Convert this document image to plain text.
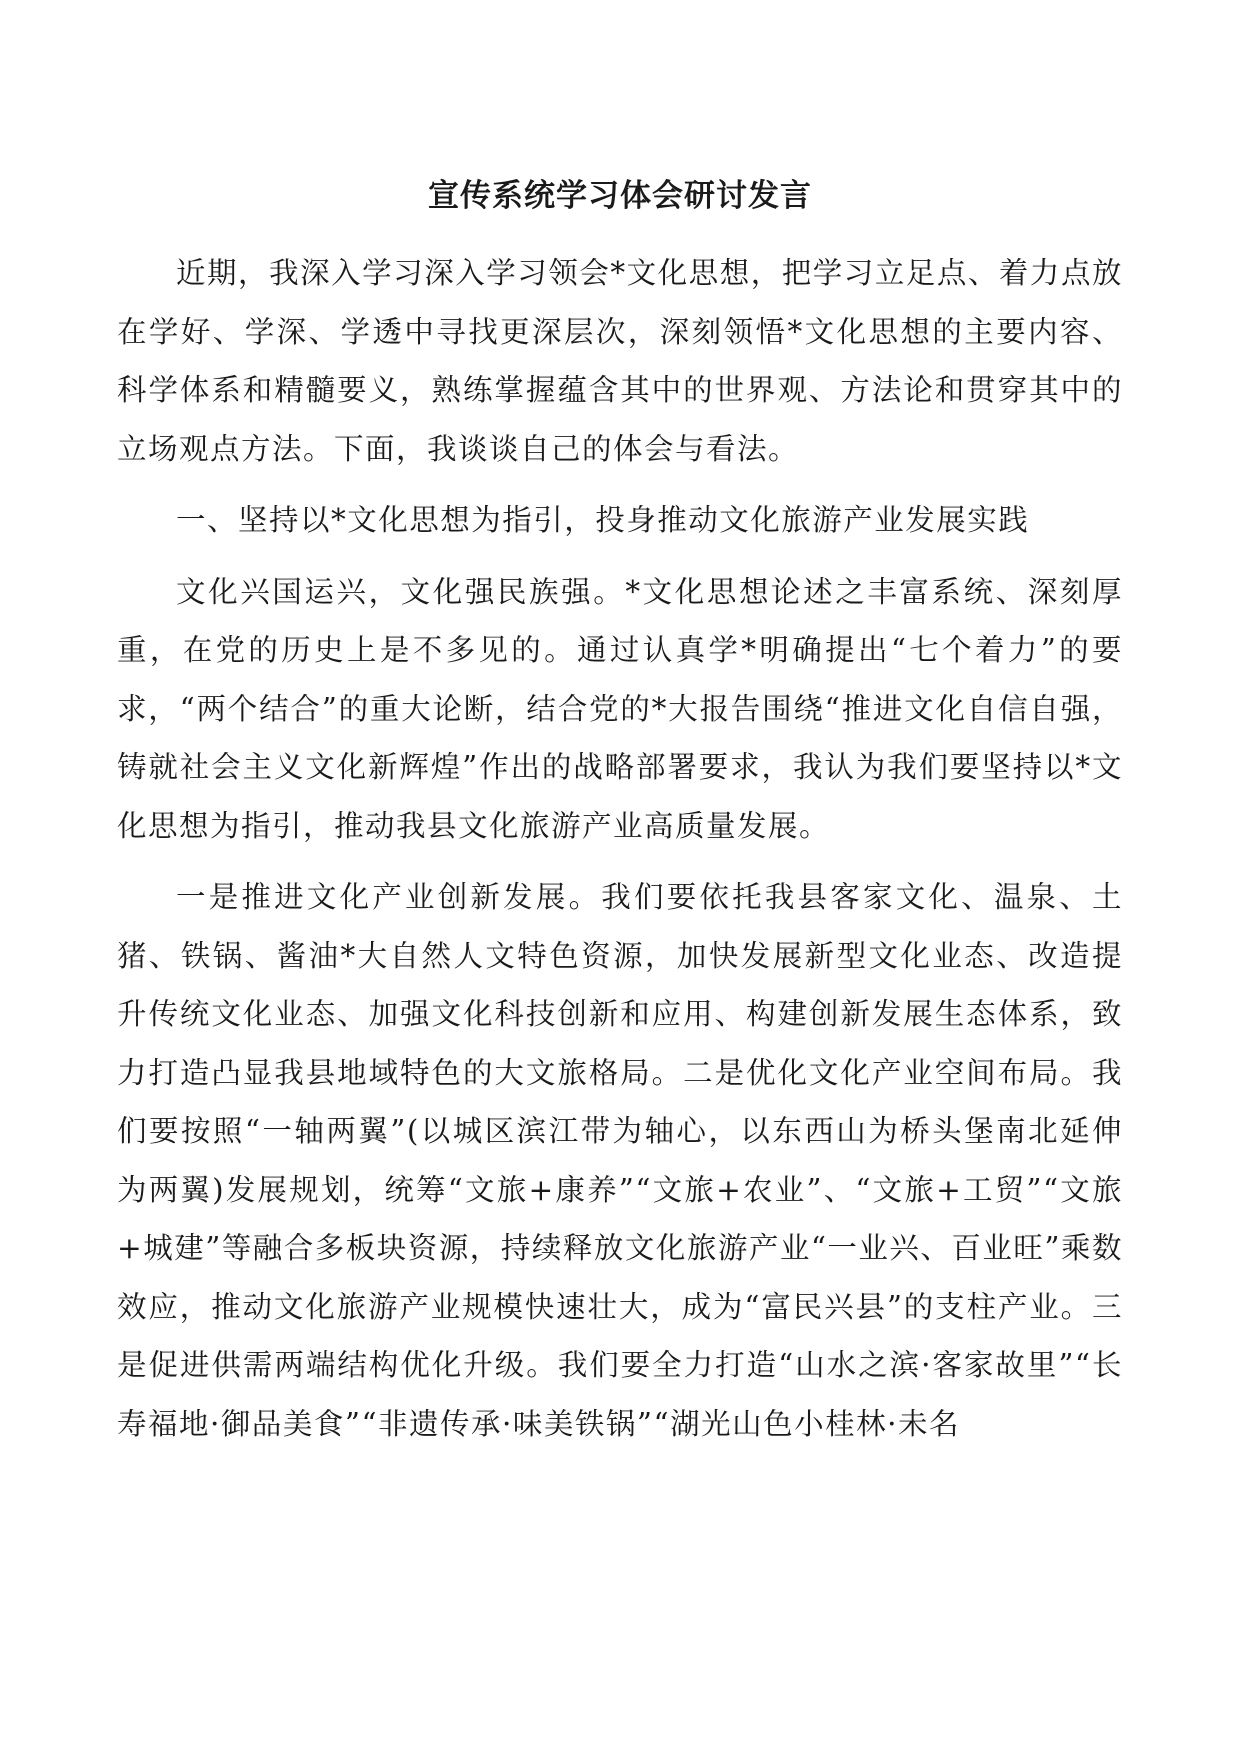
宣传系统学习体会研讨发言

近期，我深入学习深入学习领会*文化思想，把学习立足点、着力点放在学好、学深、学透中寻找更深层次，深刻领悟*文化思想的主要内容、科学体系和精髓要义，熟练掌握蕴含其中的世界观、方法论和贯穿其中的立场观点方法。下面，我谈谈自己的体会与看法。

一、坚持以*文化思想为指引，投身推动文化旅游产业发展实践

文化兴国运兴，文化强民族强。*文化思想论述之丰富系统、深刻厚重，在党的历史上是不多见的。通过认真学*明确提出“七个着力”的要求，“两个结合”的重大论断，结合党的*大报告围绕“推进文化自信自强，铸就社会主义文化新辉煌”作出的战略部署要求，我认为我们要坚持以*文化思想为指引，推动我县文化旅游产业高质量发展。

一是推进文化产业创新发展。我们要依托我县客家文化、温泉、土猪、铁锅、酱油*大自然人文特色资源，加快发展新型文化业态、改造提升传统文化业态、加强文化科技创新和应用、构建创新发展生态体系，致力打造凸显我县地域特色的大文旅格局。二是优化文化产业空间布局。我们要按照“一轴两翼”(以城区滨江带为轴心，以东西山为桥头堡南北延伸为两翼)发展规划，统筹“文旅+康养”“文旅+农业”、“文旅+工贸”“文旅+城建”等融合多板块资源，持续释放文化旅游产业“一业兴、百业旺”乘数效应，推动文化旅游产业规模快速壮大，成为“富民兴县”的支柱产业。三是促进供需两端结构优化升级。我们要全力打造“山水之滨·客家故里”“长寿福地·御品美食”“非遗传承·味美铁锅”“湖光山色小桂林·未名
